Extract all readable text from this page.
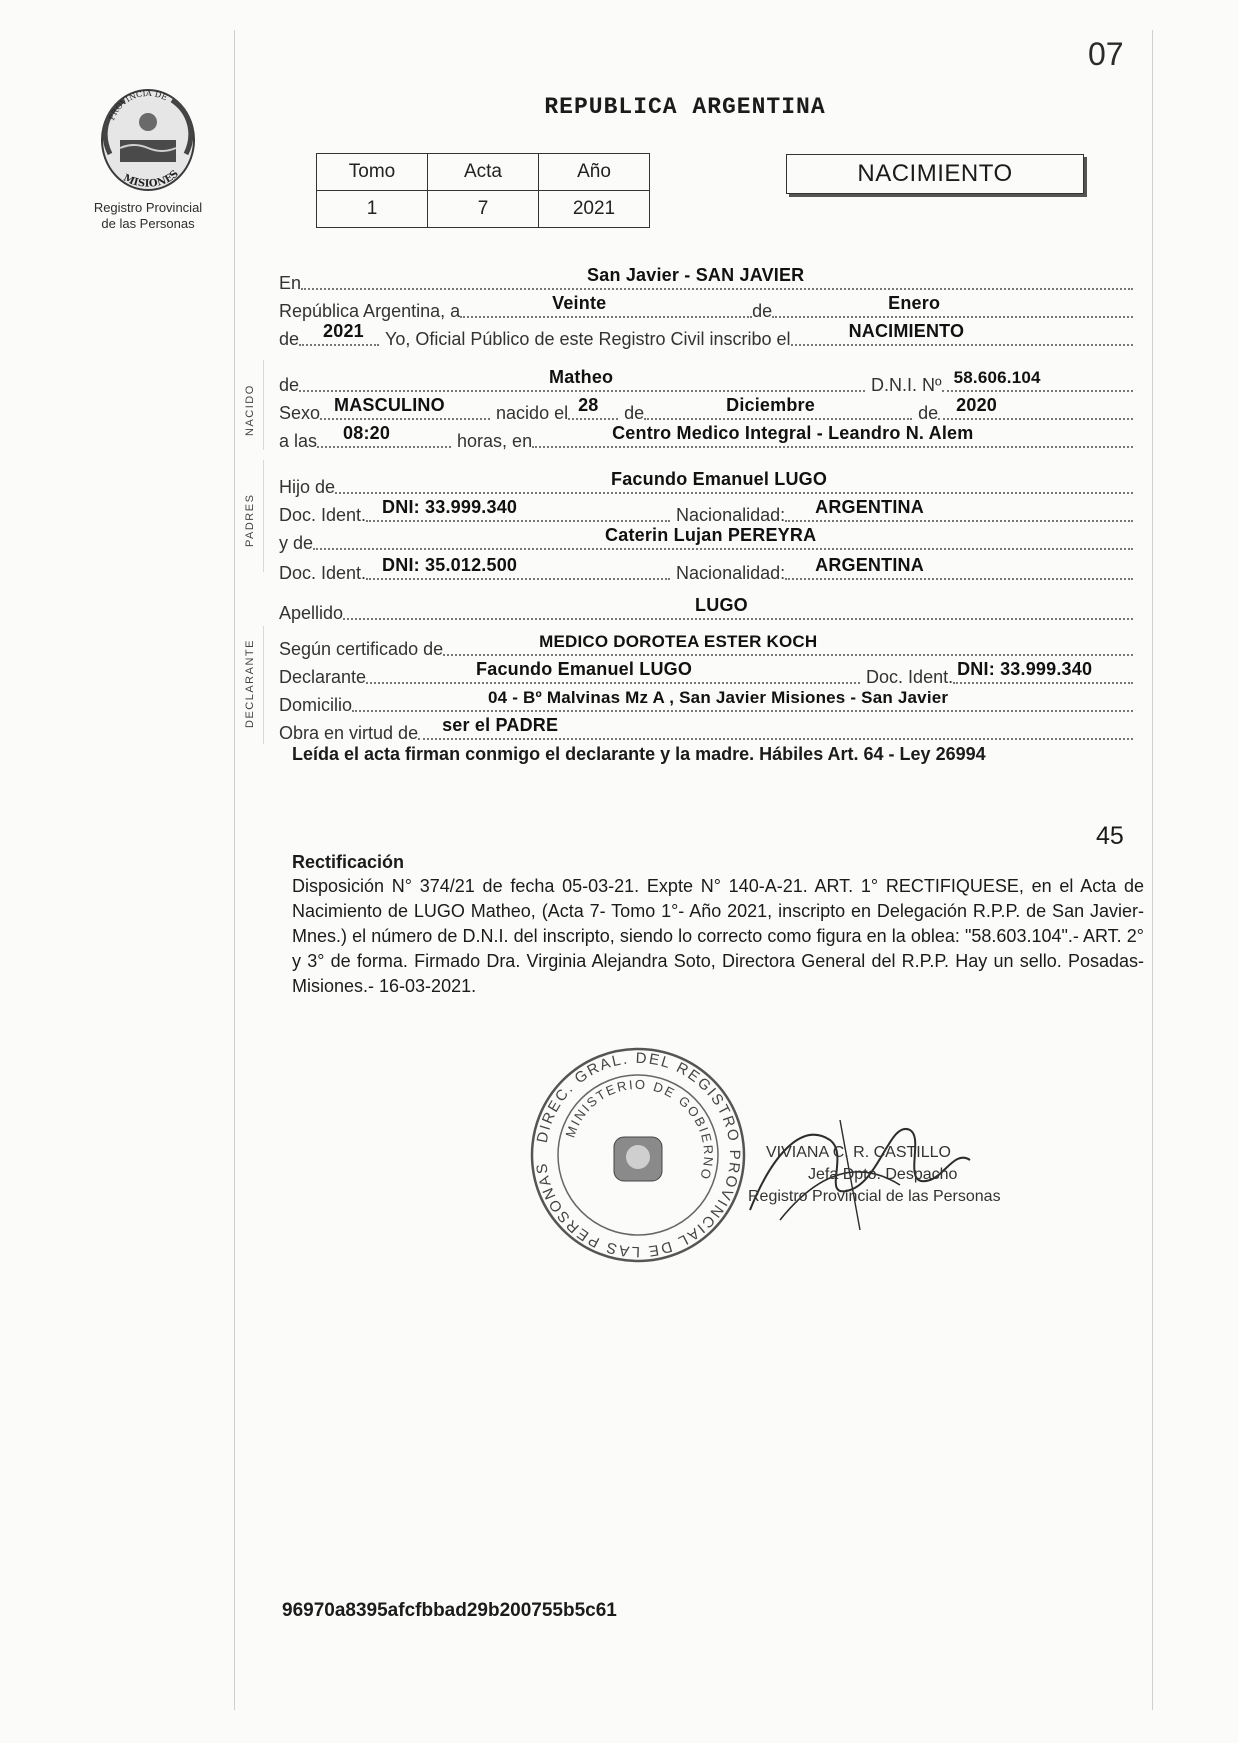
07
PROVINCIA DE
MISIONES
Registro Provincial
de las Personas
REPUBLICA ARGENTINA
Tomo	Acta	Año
1	7	2021
NACIMIENTO
NACIDO
PADRES
DECLARANTE
En	San Javier - SAN JAVIER
República Argentina, a	Veinte	de	Enero
de 2021 Yo, Oficial Público de este Registro Civil inscribo el	NACIMIENTO
de	Matheo	D.N.I. Nº 58.606.104
Sexo MASCULINO	nacido el 28 de	Diciembre	de 2020
a las 08:20	horas, en	Centro Medico Integral - Leandro N. Alem
Hijo de	Facundo Emanuel LUGO
Doc. Ident. DNI: 33.999.340	Nacionalidad: ARGENTINA
y de	Caterin Lujan PEREYRA
Doc. Ident. DNI: 35.012.500	Nacionalidad: ARGENTINA
Apellido	LUGO
Según certificado de	MEDICO DOROTEA ESTER KOCH
Declarante	Facundo Emanuel LUGO	Doc. Ident. DNI: 33.999.340
Domicilio	04 - Bº Malvinas Mz A , San Javier Misiones - San Javier
Obra en virtud de ser el PADRE
Leída el acta firman conmigo el declarante y la madre. Hábiles Art. 64 - Ley 26994
45
Rectificación
Disposición N° 374/21 de fecha 05-03-21. Expte N° 140-A-21. ART. 1° RECTIFIQUESE, en el Acta de Nacimiento de LUGO Matheo, (Acta 7- Tomo 1°- Año 2021, inscripto en Delegación R.P.P. de San Javier- Mnes.) el número de D.N.I. del inscripto, siendo lo correcto como figura en la oblea: "58.603.104".- ART. 2° y 3° de forma. Firmado Dra. Virginia Alejandra Soto, Directora General del R.P.P. Hay un sello. Posadas- Misiones.- 16-03-2021.
DIREC. GRAL. DEL REGISTRO PROVINCIAL DE LAS PERSONAS
MINISTERIO DE GOBIERNO
VIVIANA C. R. CASTILLO
Jefa Dpto. Despacho
Registro Provincial de las Personas
96970a8395afcfbbad29b200755b5c61
